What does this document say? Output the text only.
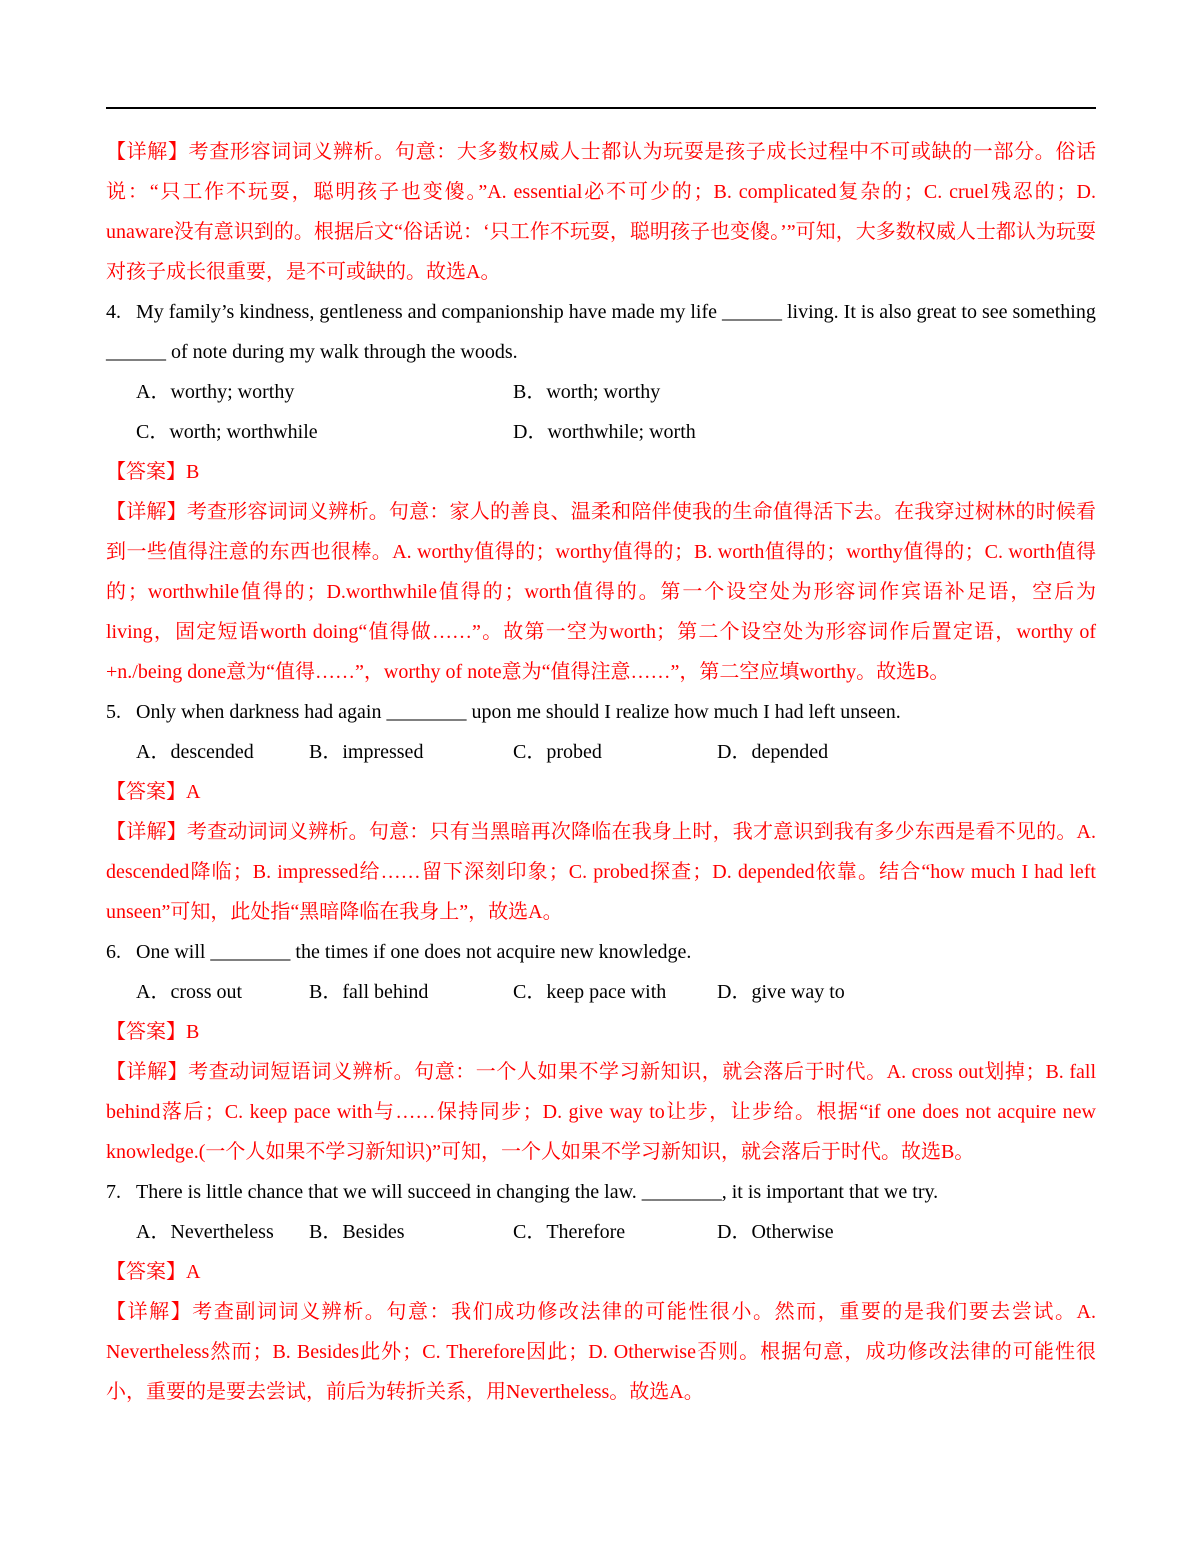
【详解】考查形容词词义辨析。句意：大多数权威人士都认为玩耍是孩子成长过程中不可或缺的一部分。俗话说：“只工作不玩耍，聪明孩子也变傻。”A. essential必不可少的；B. complicated复杂的；C. cruel残忍的；D. unaware没有意识到的。根据后文“俗话说：‘只工作不玩耍，聪明孩子也变傻。’”可知，大多数权威人士都认为玩耍对孩子成长很重要，是不可或缺的。故选A。

4. My family’s kindness, gentleness and companionship have made my life ______ living. It is also great to see something ______ of note during my walk through the woods.

A．worthy; worthy	B．worth; worthy
C．worth; worthwhile	D．worthwhile; worth

【答案】B

【详解】考查形容词词义辨析。句意：家人的善良、温柔和陪伴使我的生命值得活下去。在我穿过树林的时候看到一些值得注意的东西也很棒。A. worthy值得的；worthy值得的；B. worth值得的；worthy值得的；C. worth值得的；worthwhile值得的；D.worthwhile值得的；worth值得的。第一个设空处为形容词作宾语补足语，空后为living，固定短语worth doing“值得做……”。故第一空为worth；第二个设空处为形容词作后置定语，worthy of +n./being done意为“值得……”，worthy of note意为“值得注意……”，第二空应填worthy。故选B。

5. Only when darkness had again ________ upon me should I realize how much I had left unseen.

A．descended	B．impressed	C．probed	D．depended

【答案】A

【详解】考查动词词义辨析。句意：只有当黑暗再次降临在我身上时，我才意识到我有多少东西是看不见的。A. descended降临；B. impressed给……留下深刻印象；C. probed探查；D. depended依靠。结合“how much I had left unseen”可知，此处指“黑暗降临在我身上”，故选A。

6. One will ________ the times if one does not acquire new knowledge.

A．cross out	B．fall behind	C．keep pace with	D．give way to

【答案】B

【详解】考查动词短语词义辨析。句意：一个人如果不学习新知识，就会落后于时代。A. cross out划掉；B. fall behind落后；C. keep pace with与……保持同步；D. give way to让步，让步给。根据“if one does not acquire new knowledge.(一个人如果不学习新知识)”可知，一个人如果不学习新知识，就会落后于时代。故选B。

7. There is little chance that we will succeed in changing the law. ________, it is important that we try.

A．Nevertheless B．Besides	C．Therefore	D．Otherwise

【答案】A

【详解】考查副词词义辨析。句意：我们成功修改法律的可能性很小。然而，重要的是我们要去尝试。A. Nevertheless然而；B. Besides此外；C. Therefore因此；D. Otherwise否则。根据句意，成功修改法律的可能性很小，重要的是要去尝试，前后为转折关系，用Nevertheless。故选A。
